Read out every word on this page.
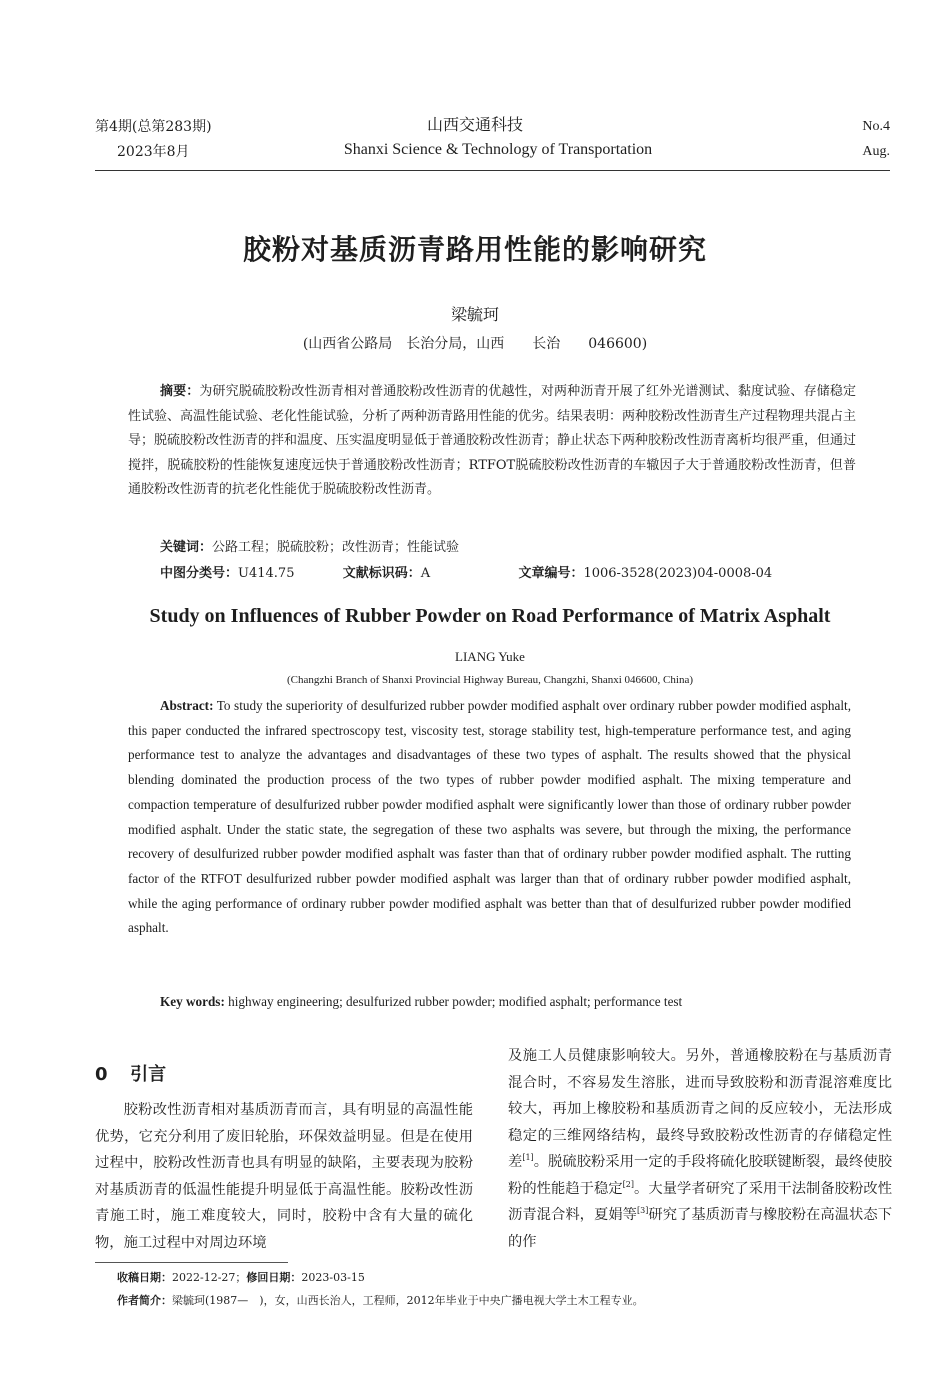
第4期(总第283期)
2023年8月
山西交通科技
Shanxi Science & Technology of Transportation
No.4
Aug.
胶粉对基质沥青路用性能的影响研究
梁毓珂
(山西省公路局　长治分局，山西　　长治　　046600)
摘要：为研究脱硫胶粉改性沥青相对普通胶粉改性沥青的优越性，对两种沥青开展了红外光谱测试、黏度试验、存储稳定性试验、高温性能试验、老化性能试验，分析了两种沥青路用性能的优劣。结果表明：两种胶粉改性沥青生产过程物理共混占主导；脱硫胶粉改性沥青的拌和温度、压实温度明显低于普通胶粉改性沥青；静止状态下两种胶粉改性沥青离析均很严重，但通过搅拌，脱硫胶粉的性能恢复速度远快于普通胶粉改性沥青；RTFOT脱硫胶粉改性沥青的车辙因子大于普通胶粉改性沥青，但普通胶粉改性沥青的抗老化性能优于脱硫胶粉改性沥青。
关键词：公路工程；脱硫胶粉；改性沥青；性能试验
中图分类号：U414.75	文献标识码：A	文章编号：1006-3528(2023)04-0008-04
Study on Influences of Rubber Powder on Road Performance of Matrix Asphalt
LIANG Yuke
(Changzhi Branch of Shanxi Provincial Highway Bureau, Changzhi, Shanxi 046600, China)
Abstract: To study the superiority of desulfurized rubber powder modified asphalt over ordinary rubber powder modified asphalt, this paper conducted the infrared spectroscopy test, viscosity test, storage stability test, high-temperature performance test, and aging performance test to analyze the advantages and disadvantages of these two types of asphalt. The results showed that the physical blending dominated the production process of the two types of rubber powder modified asphalt. The mixing temperature and compaction temperature of desulfurized rubber powder modified asphalt were significantly lower than those of ordinary rubber powder modified asphalt. Under the static state, the segregation of these two asphalts was severe, but through the mixing, the performance recovery of desulfurized rubber powder modified asphalt was faster than that of ordinary rubber powder modified asphalt. The rutting factor of the RTFOT desulfurized rubber powder modified asphalt was larger than that of ordinary rubber powder modified asphalt, while the aging performance of ordinary rubber powder modified asphalt was better than that of desulfurized rubber powder modified asphalt.
Key words: highway engineering; desulfurized rubber powder; modified asphalt; performance test
0 引言
胶粉改性沥青相对基质沥青而言，具有明显的高温性能优势，它充分利用了废旧轮胎，环保效益明显。但是在使用过程中，胶粉改性沥青也具有明显的缺陷，主要表现为胶粉对基质沥青的低温性能提升明显低于高温性能。胶粉改性沥青施工时，施工难度较大，同时，胶粉中含有大量的硫化物，施工过程中对周边环境
及施工人员健康影响较大。另外，普通橡胶粉在与基质沥青混合时，不容易发生溶胀，进而导致胶粉和沥青混溶难度比较大，再加上橡胶粉和基质沥青之间的反应较小，无法形成稳定的三维网络结构，最终导致胶粉改性沥青的存储稳定性差[1]。脱硫胶粉采用一定的手段将硫化胶联键断裂，最终使胶粉的性能趋于稳定[2]。大量学者研究了采用干法制备胶粉改性沥青混合料，夏娟等[3]研究了基质沥青与橡胶粉在高温状态下的作
收稿日期：2022-12-27；修回日期：2023-03-15
作者简介：梁毓珂(1987—　)，女，山西长治人，工程师，2012年毕业于中央广播电视大学土木工程专业。
